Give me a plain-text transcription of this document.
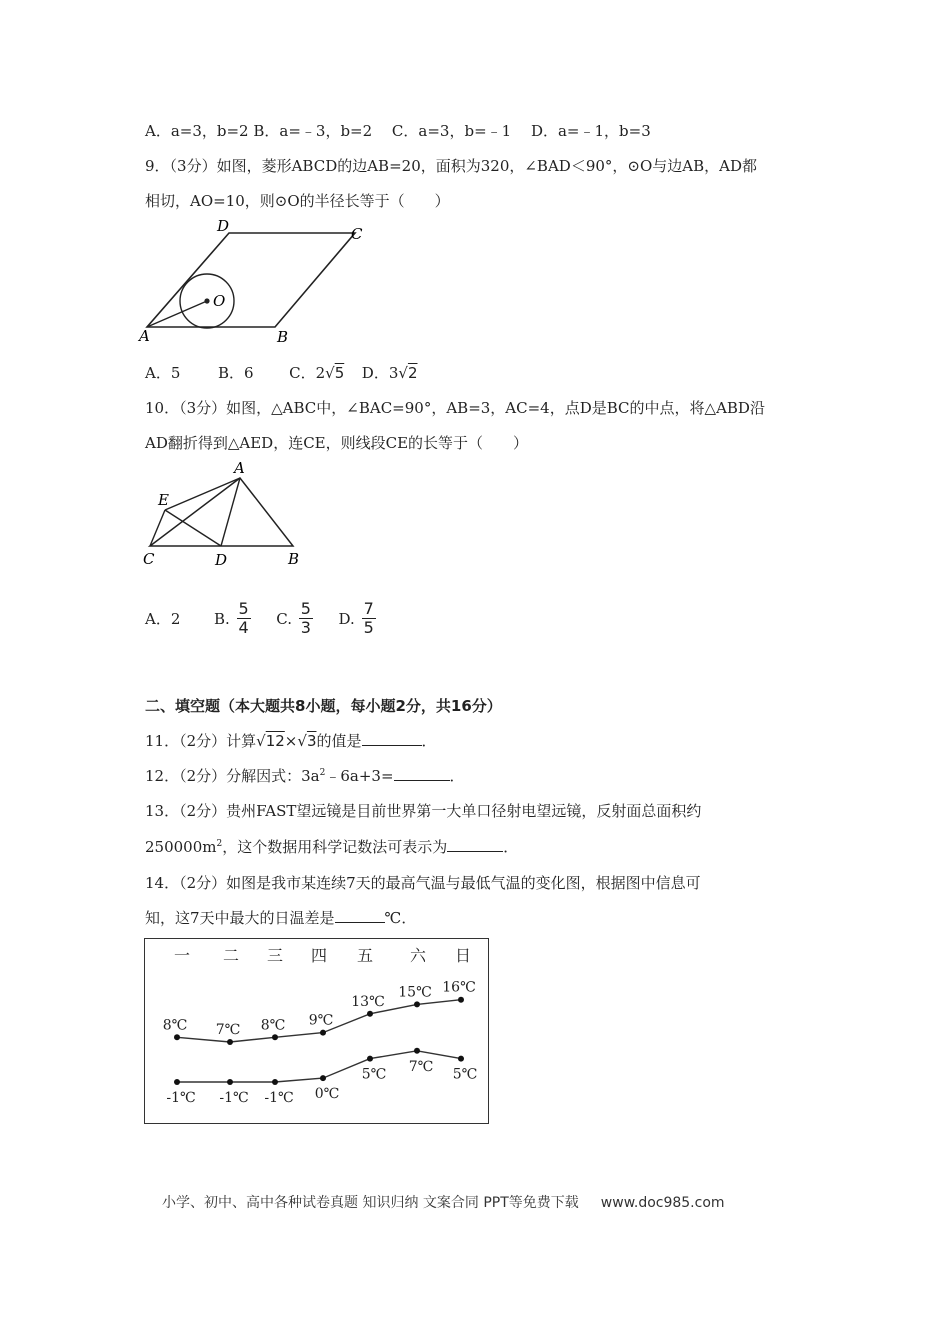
A．a=3，b=2 B．a=﹣3，b=2　 C．a=3，b=﹣1　 D．a=﹣1，b=3
9．（3分）如图，菱形ABCD的边AB=20，面积为320，∠BAD＜90°，⊙O与边AB，AD都
相切，AO=10，则⊙O的半径长等于（　　）
D	C
O
A	B
A．5	B．6 C．2√5 D．3√2
10．（3分）如图，△ABC中，∠BAC=90°，AB=3，AC=4，点D是BC的中点，将△ABD沿
AD翻折得到△AED，连CE，则线段CE的长等于（　　）
A
E
C	D	B
A．2 B. $\frac{5}{4} C$. $\frac{5}{3} D$. $\frac{7}{5}$
二、填空题（本大题共8小题，每小题2分，共16分）
11．（2分）计算√12×√3的值是	．
12．（2分）分解因式：$3a^2﹣6a+3=$	．
13．（2分）贵州FAST望远镜是目前世界第一大单口径射电望远镜，反射面总面积约
$250000m^2$，这个数据用科学记数法可表示为	．
14．（2分）如图是我市某连续7天的最高气温与最低气温的变化图，根据图中信息可
知，这7天中最大的日温差是	℃．
一 二 三 四 五 六 日
8℃ 7℃ 8℃ 9℃
13℃
15℃ 16℃
-1℃ -1℃ -1℃ 0℃
5℃ 7℃ 5℃
小学、初中、高中各种试卷真题 知识归纳 文案合同 PPT等免费下载 www.doc985.com
